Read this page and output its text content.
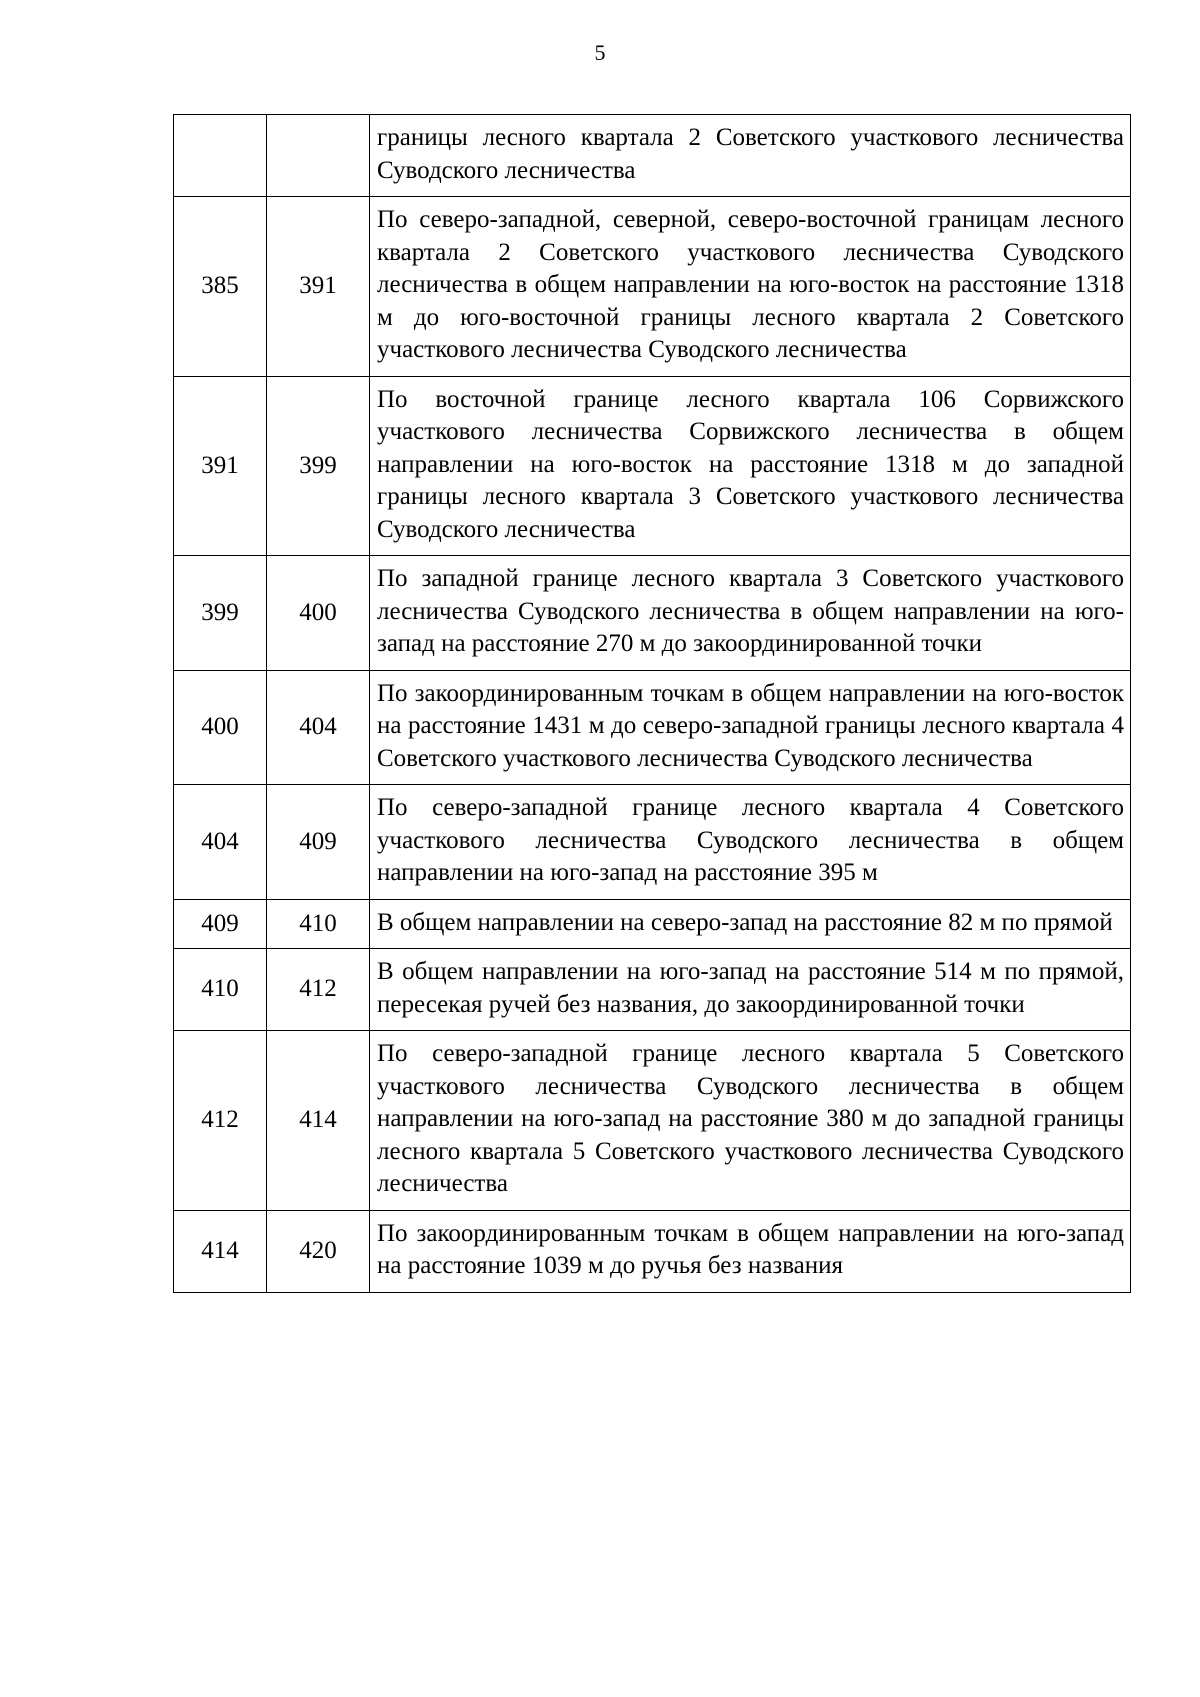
5
		границы лесного квартала 2 Советского участкового лесничества Суводского лесничества
385	391	По северо-западной, северной, северо-восточной границам лесного квартала 2 Советского участкового лесничества Суводского лесничества в общем направлении на юго-восток на расстояние 1318 м до юго-восточной границы лесного квартала 2 Советского участкового лесничества Суводского лесничества
391	399	По восточной границе лесного квартала 106 Сорвижского участкового лесничества Сорвижского лесничества в общем направлении на юго-восток на расстояние 1318 м до западной границы лесного квартала 3 Советского участкового лесничества Суводского лесничества
399	400	По западной границе лесного квартала 3 Советского участкового лесничества Суводского лесничества в общем направлении на юго-запад на расстояние 270 м до закоординированной точки
400	404	По закоординированным точкам в общем направлении на юго-восток на расстояние 1431 м до северо-западной границы лесного квартала 4 Советского участкового лесничества Суводского лесничества
404	409	По северо-западной границе лесного квартала 4 Советского участкового лесничества Суводского лесничества в общем направлении на юго-запад на расстояние 395 м
409	410	В общем направлении на северо-запад на расстояние 82 м по прямой
410	412	В общем направлении на юго-запад на расстояние 514 м по прямой, пересекая ручей без названия, до закоординированной точки
412	414	По северо-западной границе лесного квартала 5 Советского участкового лесничества Суводского лесничества в общем направлении на юго-запад на расстояние 380 м до западной границы лесного квартала 5 Советского участкового лесничества Суводского лесничества
414	420	По закоординированным точкам в общем направлении на юго-запад на расстояние 1039 м до ручья без названия
